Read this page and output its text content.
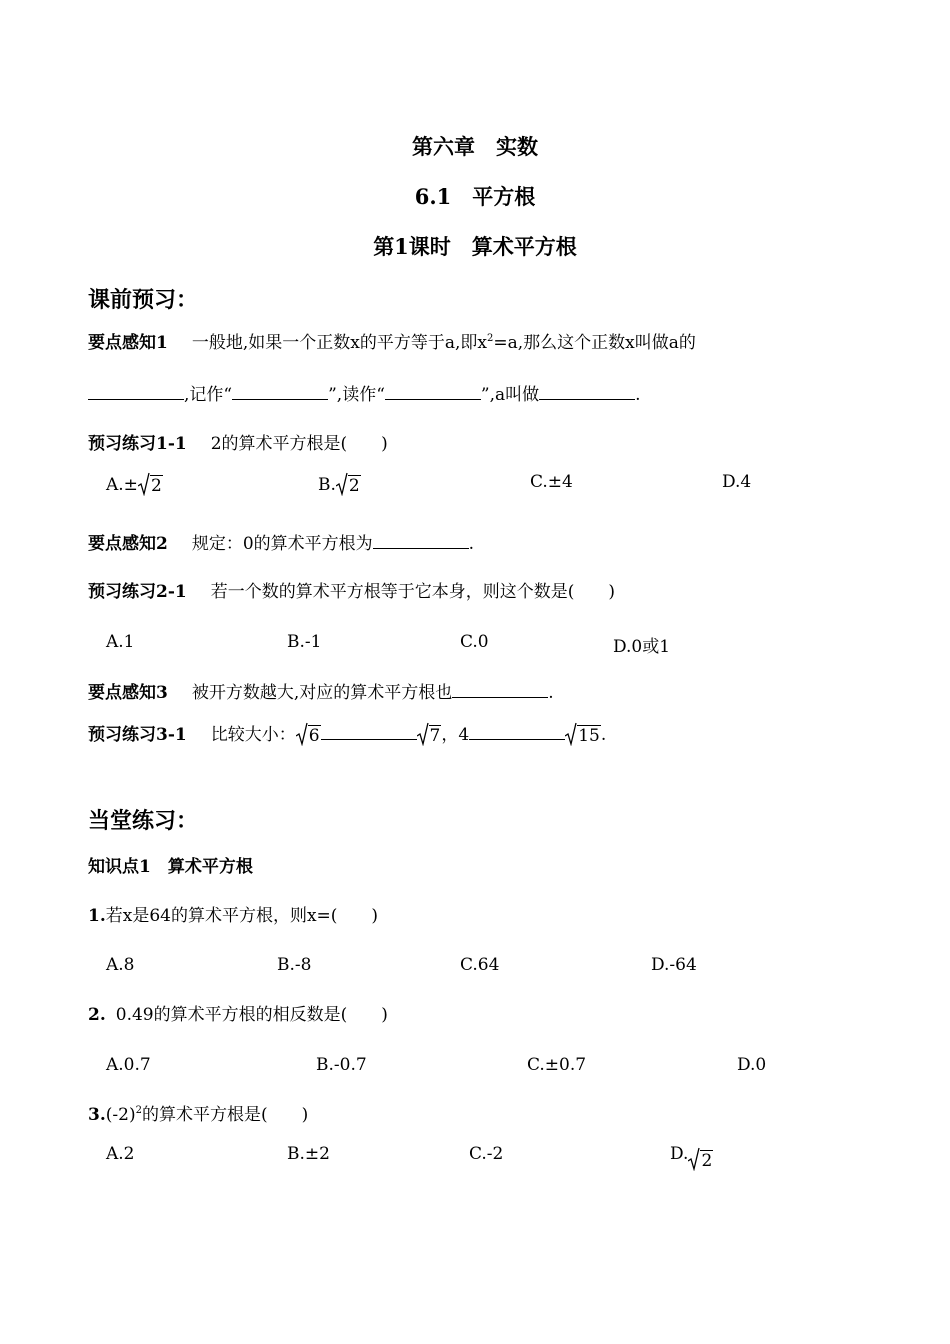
第六章　实数
6.1　平方根
第1课时　算术平方根
课前预习：
要点感知1 一般地,如果一个正数x的平方等于a,即$x^2=a$,那么这个正数x叫做a的
,记作“	”,读作“	”,a叫做	.
预习练习1-1 2的算术平方根是(　　)
A.± 2	B. 2	C.±4	D.4
要点感知2 规定：0的算术平方根为	.
预习练习2-1 若一个数的算术平方根等于它本身，则这个数是(　　)
A.1	B.-1	C.0	D.0或1
要点感知3 被开方数越大,对应的算术平方根也	.
预习练习3-1 比较大小： 6	7 ，4	15 .
当堂练习：
知识点1　算术平方根
1.若x是64的算术平方根，则x=(　　)
A.8	B.-8	C.64	D.-64
2. 0.49的算术平方根的相反数是(　　)
A.0.7	B.-0.7	C.±0.7	D.0
$3.(-2)^2$的算术平方根是(　　)
A.2	B.±2	C.-2	D. 2
